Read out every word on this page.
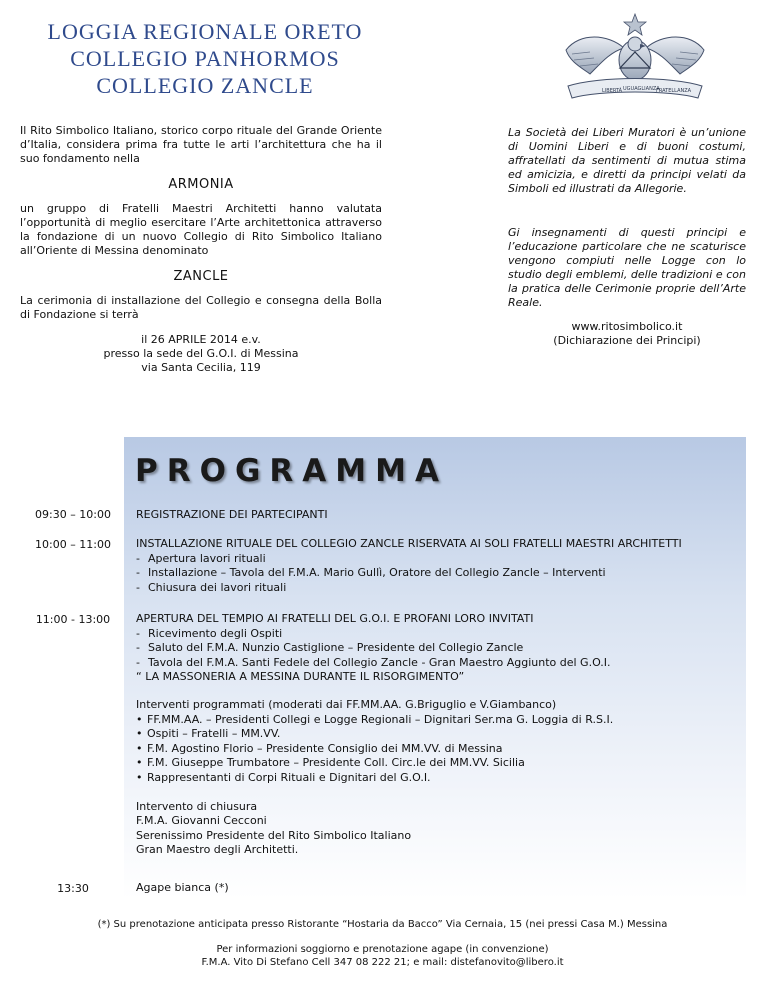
LOGGIA REGIONALE ORETO
COLLEGIO PANHORMOS
COLLEGIO ZANCLE	LIBERTÀ UGUAGLIANZA
FRATELLANZA
Il Rito Simbolico Italiano, storico corpo rituale del Grande Oriente d’Italia, considera prima fra tutte le arti l’architettura che ha il suo fondamento nella
ARMONIA
un gruppo di Fratelli Maestri Architetti hanno valutata l’opportunità di meglio esercitare l’Arte architettonica attraverso la fondazione di un nuovo Collegio di Rito Simbolico Italiano all’Oriente di Messina denominato
ZANCLE
La cerimonia di installazione del Collegio e consegna della Bolla di Fondazione si terrà
il 26 APRILE 2014 e.v.
presso la sede del G.O.I. di Messina
via Santa Cecilia, 119
La Società dei Liberi Muratori è un’unione di Uomini Liberi e di buoni costumi, affratellati da sentimenti di mutua stima ed amicizia, e diretti da principi velati da Simboli ed illustrati da Allegorie.
Gi insegnamenti di questi principi e l’educazione particolare che ne scaturisce vengono compiuti nelle Logge con lo studio degli emblemi, delle tradizioni e con la pratica delle Cerimonie proprie dell’Arte Reale.
www.ritosimbolico.it
(Dichiarazione dei Principi)
PROGRAMMA
09:30 – 10:00	REGISTRAZIONE DEI PARTECIPANTI
10:00 – 11:00	INSTALLAZIONE RITUALE DEL COLLEGIO ZANCLE RISERVATA AI SOLI FRATELLI MAESTRI ARCHITETTI
- Apertura lavori rituali
- Installazione – Tavola del F.M.A. Mario Gullì, Oratore del Collegio Zancle – Interventi
- Chiusura dei lavori rituali
11:00 - 13:00	APERTURA DEL TEMPIO AI FRATELLI DEL G.O.I. E PROFANI LORO INVITATI
- Ricevimento degli Ospiti
- Saluto del F.M.A. Nunzio Castiglione – Presidente del Collegio Zancle
- Tavola del F.M.A. Santi Fedele del Collegio Zancle - Gran Maestro Aggiunto del G.O.I.
“ LA MASSONERIA A MESSINA DURANTE IL RISORGIMENTO”
Interventi programmati (moderati dai FF.MM.AA. G.Briguglio e V.Giambanco)
• FF.MM.AA. – Presidenti Collegi e Logge Regionali – Dignitari Ser.ma G. Loggia di R.S.I.
• Ospiti – Fratelli – MM.VV.
• F.M. Agostino Florio – Presidente Consiglio dei MM.VV. di Messina
• F.M. Giuseppe Trumbatore – Presidente Coll. Circ.le dei MM.VV. Sicilia
• Rappresentanti di Corpi Rituali e Dignitari del G.O.I.
Intervento di chiusura
F.M.A. Giovanni Cecconi
Serenissimo Presidente del Rito Simbolico Italiano
Gran Maestro degli Architetti.
13:30	Agape bianca (*)
(*) Su prenotazione anticipata presso Ristorante “Hostaria da Bacco” Via Cernaia, 15 (nei pressi Casa M.) Messina
Per informazioni soggiorno e prenotazione agape (in convenzione)
F.M.A. Vito Di Stefano Cell 347 08 222 21; e mail: distefanovito@libero.it
